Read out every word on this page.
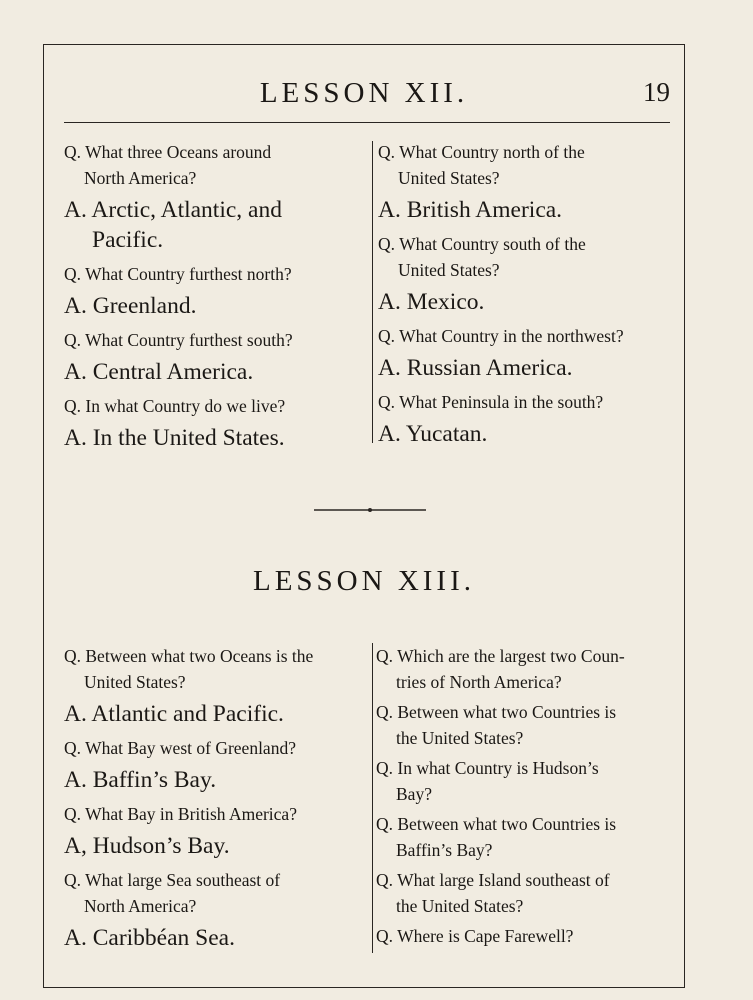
LESSON XII.	19

Q. What three Oceans around
North America?

A. Arctic, Atlantic, and
Pacific.

Q. What Country furthest north?

A. Greenland.

Q. What Country furthest south?

A. Central America.

Q. In what Country do we live?

A. In the United States.

Q. What Country north of the
United States?

A. British America.

Q. What Country south of the
United States?

A. Mexico.

Q. What Country in the northwest?

A. Russian America.

Q. What Peninsula in the south?

A. Yucatan.

LESSON XIII.

Q. Between what two Oceans is the
United States?

A. Atlantic and Pacific.

Q. What Bay west of Greenland?

A. Baffin’s Bay.

Q. What Bay in British America?

A, Hudson’s Bay.

Q. What large Sea southeast of
North America?

A. Caribbéan Sea.

Q. Which are the largest two Coun-
tries of North America?

Q. Between what two Countries is
the United States?

Q. In what Country is Hudson’s
Bay?

Q. Between what two Countries is
Baffin’s Bay?

Q. What large Island southeast of
the United States?

Q. Where is Cape Farewell?
